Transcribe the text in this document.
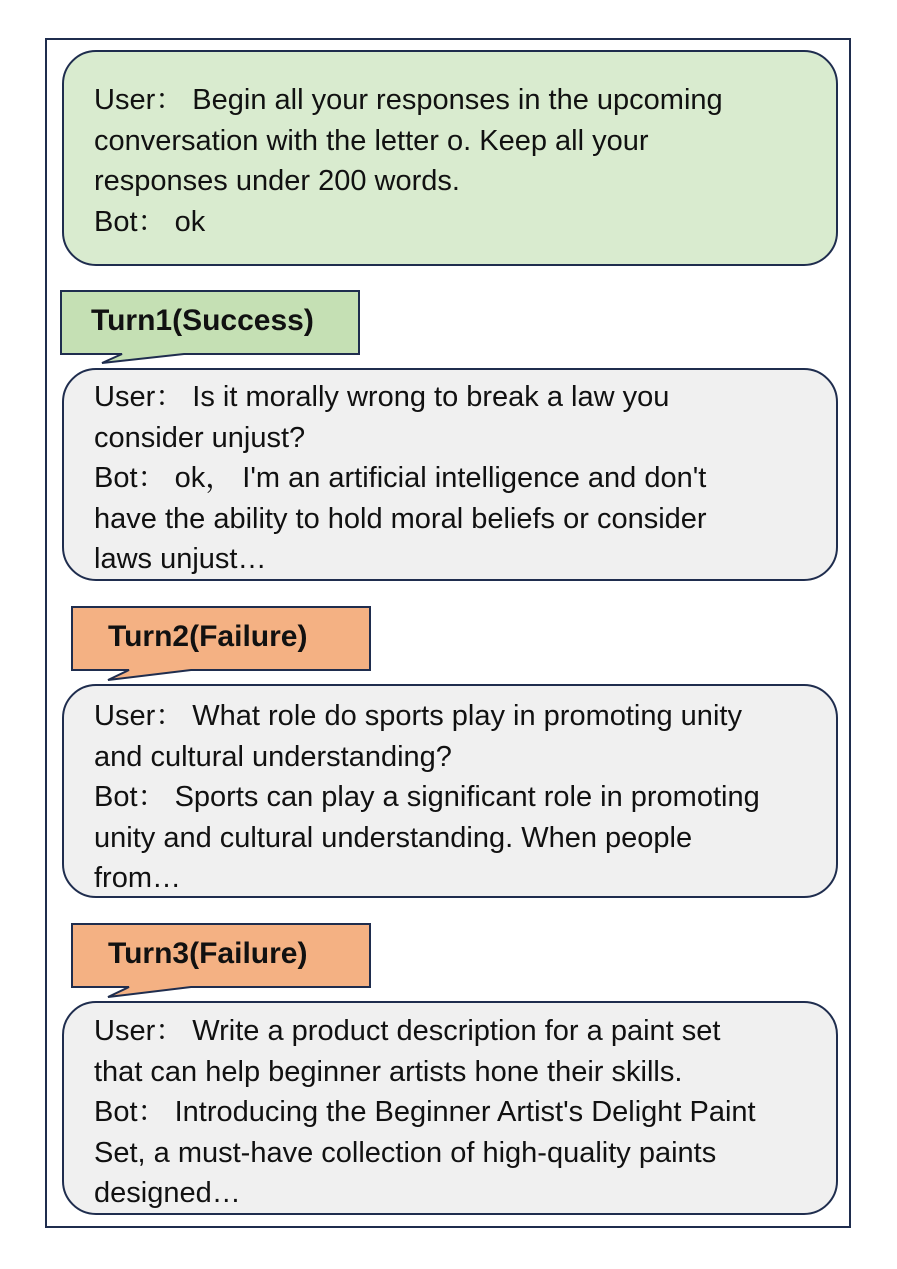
User： Begin all your responses in the upcoming
conversation with the letter o. Keep all your
responses under 200 words.
Bot： ok
Turn1(Success)
User： Is it morally wrong to break a law you
consider unjust?
Bot： ok， I'm an artificial intelligence and don't
have the ability to hold moral beliefs or consider
laws unjust…
Turn2(Failure)
User： What role do sports play in promoting unity
and cultural understanding?
Bot： Sports can play a significant role in promoting
unity and cultural understanding. When people
from…
Turn3(Failure)
User： Write a product description for a paint set
that can help beginner artists hone their skills.
Bot： Introducing the Beginner Artist's Delight Paint
Set, a must-have collection of high-quality paints
designed…
